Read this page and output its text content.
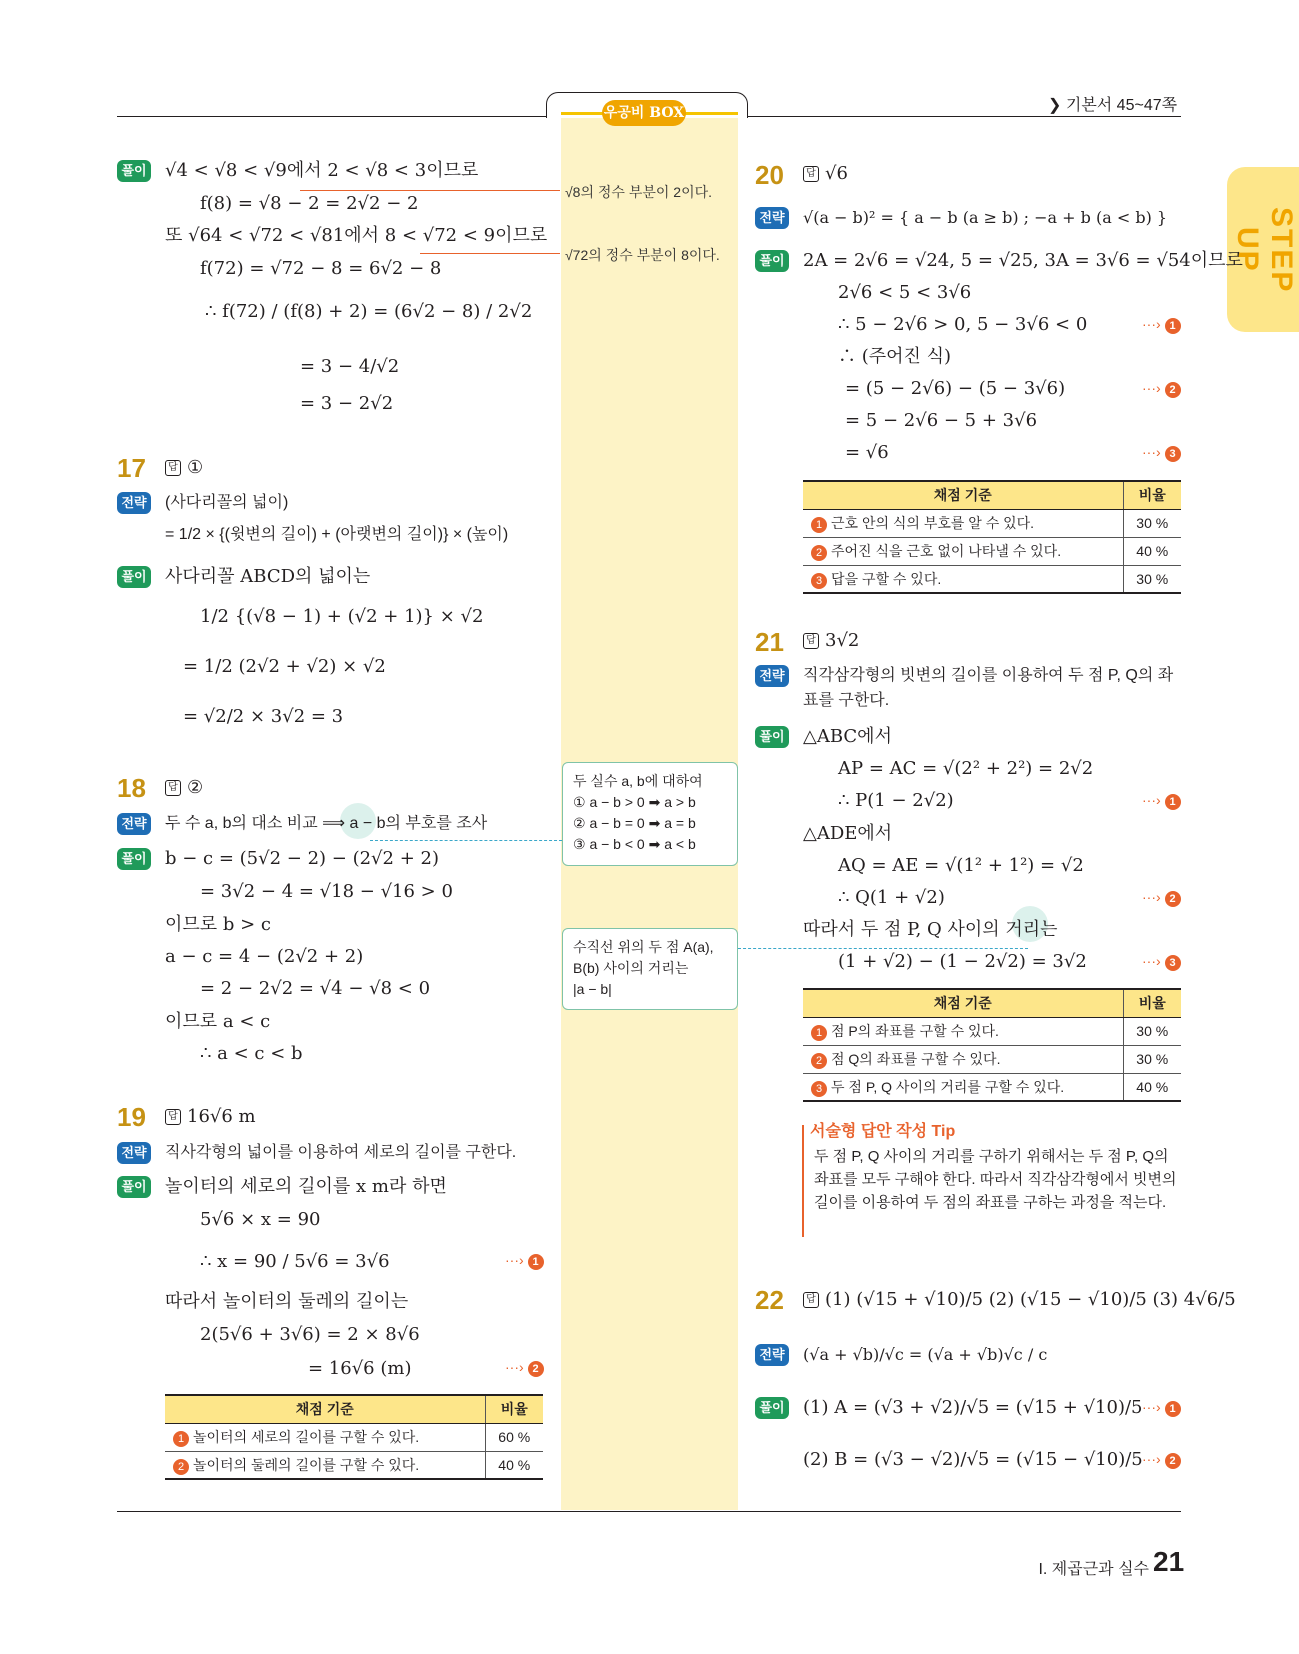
우공비 BOX	❯ 기본서 45~47쪽
STEP UP
풀이 √4 < √8 < √9에서 2 < √8 < 3이므로
f(8) = √8 − 2 = 2√2 − 2
또 √64 < √72 < √81에서 8 < √72 < 9이므로
f(72) = √72 − 8 = 6√2 − 8
∴ f(72) / (f(8) + 2) = (6√2 − 8) / 2√2
= 3 − 4/√2
= 3 − 2√2
√8의 정수 부분이 2이다.
√72의 정수 부분이 8이다.
17	답 ①
전략 (사다리꼴의 넓이)
= 1/2 × {(윗변의 길이) + (아랫변의 길이)} × (높이)
풀이 사다리꼴 ABCD의 넓이는
1/2 {(√8 − 1) + (√2 + 1)} × √2
= 1/2 (2√2 + √2) × √2
= √2/2 × 3√2 = 3
18	답 ②
전략 두 수 a, b의 대소 비교 ⟹ a − b의 부호를 조사
풀이 b − c = (5√2 − 2) − (2√2 + 2)
= 3√2 − 4 = √18 − √16 > 0
이므로 b > c
a − c = 4 − (2√2 + 2)
= 2 − 2√2 = √4 − √8 < 0
이므로 a < c
∴ a < c < b
두 실수 a, b에 대하여
① a − b > 0 ➡ a > b
② a − b = 0 ➡ a = b
③ a − b < 0 ➡ a < b
수직선 위의 두 점 A(a),
B(b) 사이의 거리는
|a − b|
19	답 16√6 m
전략 직사각형의 넓이를 이용하여 세로의 길이를 구한다.
풀이 놀이터의 세로의 길이를 x m라 하면
5√6 × x = 90
∴ x = 90 / 5√6 = 3√6	···› 1
따라서 놀이터의 둘레의 길이는
2(5√6 + 3√6) = 2 × 8√6
= 16√6 (m)	···› 2
채점 기준	비율
1 놀이터의 세로의 길이를 구할 수 있다.	60 %
2 놀이터의 둘레의 길이를 구할 수 있다.	40 %
20	답 √6
전략 √(a − b)² = { a − b (a ≥ b) ; −a + b (a < b) }
풀이 2A = 2√6 = √24, 5 = √25, 3A = 3√6 = √54이므로
2√6 < 5 < 3√6
∴ 5 − 2√6 > 0, 5 − 3√6 < 0	···› 1
∴ (주어진 식)
= (5 − 2√6) − (5 − 3√6)	···› 2
= 5 − 2√6 − 5 + 3√6
= √6	···› 3
채점 기준	비율
1 근호 안의 식의 부호를 알 수 있다.	30 %
2 주어진 식을 근호 없이 나타낼 수 있다.	40 %
3 답을 구할 수 있다.	30 %
21	답 3√2
전략 직각삼각형의 빗변의 길이를 이용하여 두 점 P, Q의 좌
표를 구한다.
풀이 △ABC에서
AP = AC = √(2² + 2²) = 2√2
∴ P(1 − 2√2)	···› 1
△ADE에서
AQ = AE = √(1² + 1²) = √2
∴ Q(1 + √2)	···› 2
따라서 두 점 P, Q 사이의 거리는
(1 + √2) − (1 − 2√2) = 3√2	···› 3
채점 기준	비율
1 점 P의 좌표를 구할 수 있다.	30 %
2 점 Q의 좌표를 구할 수 있다.	30 %
3 두 점 P, Q 사이의 거리를 구할 수 있다.	40 %
서술형 답안 작성 Tip
두 점 P, Q 사이의 거리를 구하기 위해서는 두 점 P, Q의 좌표를 모두 구해야 한다. 따라서 직각삼각형에서 빗변의 길이를 이용하여 두 점의 좌표를 구하는 과정을 적는다.
22	답 (1) (√15 + √10)/5 (2) (√15 − √10)/5 (3) 4√6/5
전략 (√a + √b)/√c = (√a + √b)√c / c
풀이 (1) A = (√3 + √2)/√5 = (√15 + √10)/5 ···› 1
(2) B = (√3 − √2)/√5 = (√15 − √10)/5 ···› 2
I. 제곱근과 실수 21
